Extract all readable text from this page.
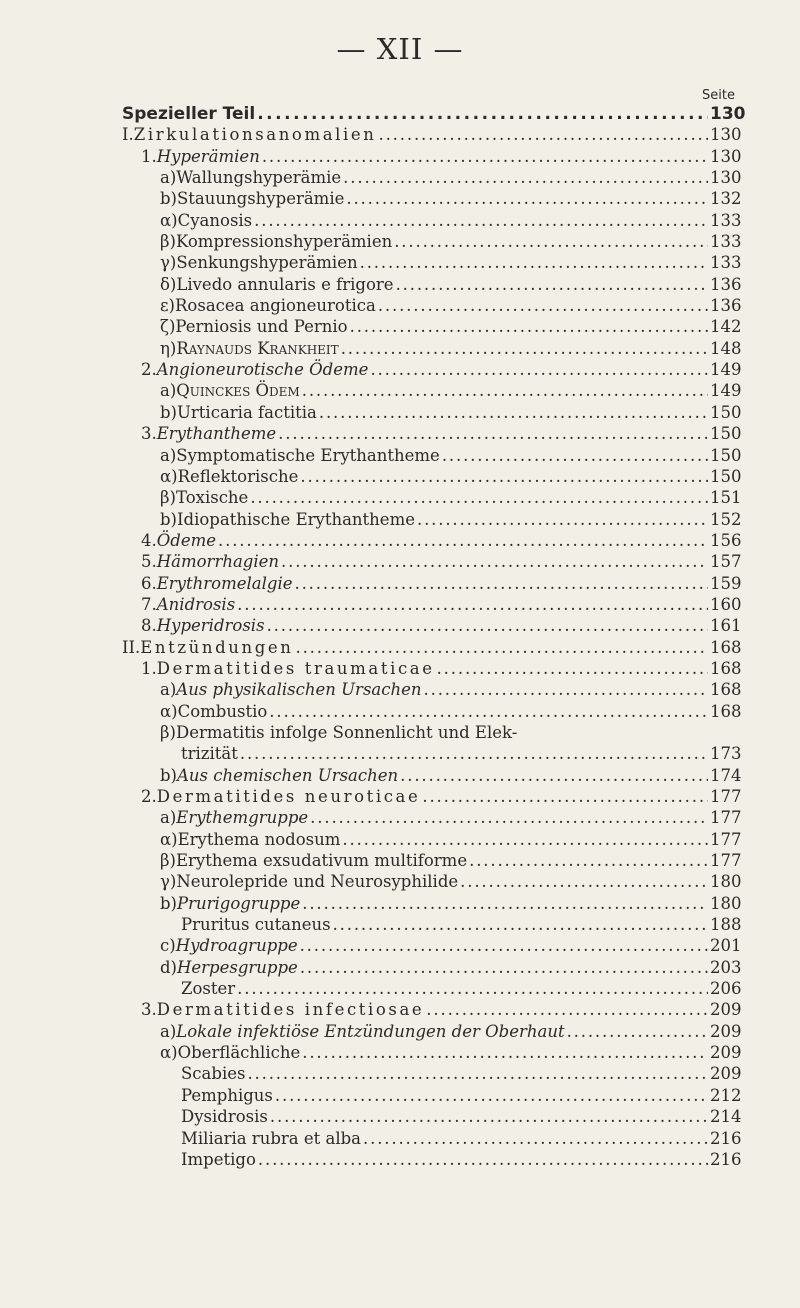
— XII —
Seite
Spezieller Teil . . .	130
I. Zirkulationsanomalien . . .	130
1. Hyperämien . . .	130
a) Wallungshyperämie . . .	130
b) Stauungshyperämie . . .	132
α) Cyanosis . . .	133
β) Kompressionshyperämien . . .	133
γ) Senkungshyperämien . . .	133
δ) Livedo annularis e frigore . . .	136
ε) Rosacea angioneurotica . . .	136
ζ) Perniosis und Pernio . . .	142
η) Raynauds Krankheit . . .	148
2. Angioneurotische Ödeme . . .	149
a) Quinckes Ödem . . .	149
b) Urticaria factitia . . .	150
3. Erythantheme . . .	150
a) Symptomatische Erythantheme . . .	150
α) Reflektorische . . .	150
β) Toxische . . .	151
b) Idiopathische Erythantheme . . .	152
4. Ödeme . . .	156
5. Hämorrhagien . . .	157
6. Erythromelalgie . . .	159
7. Anidrosis . . .	160
8. Hyperidrosis . . .	161
II. Entzündungen . . .	168
1. Dermatitides traumaticae . . .	168
a) Aus physikalischen Ursachen . . .	168
α) Combustio . . .	168
β) Dermatitis infolge Sonnenlicht und Elek-
trizität . . .	173
b) Aus chemischen Ursachen . . .	174
2. Dermatitides neuroticae . . .	177
a) Erythemgruppe . . .	177
α) Erythema nodosum . . .	177
β) Erythema exsudativum multiforme . . .	177
γ) Neurolepride und Neurosyphilide . . .	180
b) Prurigogruppe . . .	180
Pruritus cutaneus . . .	188
c) Hydroagruppe . . .	201
d) Herpesgruppe . . .	203
Zoster . . .	206
3. Dermatitides infectiosae . . .	209
a) Lokale infektiöse Entzündungen der Oberhaut . . .	209
α) Oberflächliche . . .	209
Scabies . . .	209
Pemphigus . . .	212
Dysidrosis . . .	214
Miliaria rubra et alba . . .	216
Impetigo . . .	216
